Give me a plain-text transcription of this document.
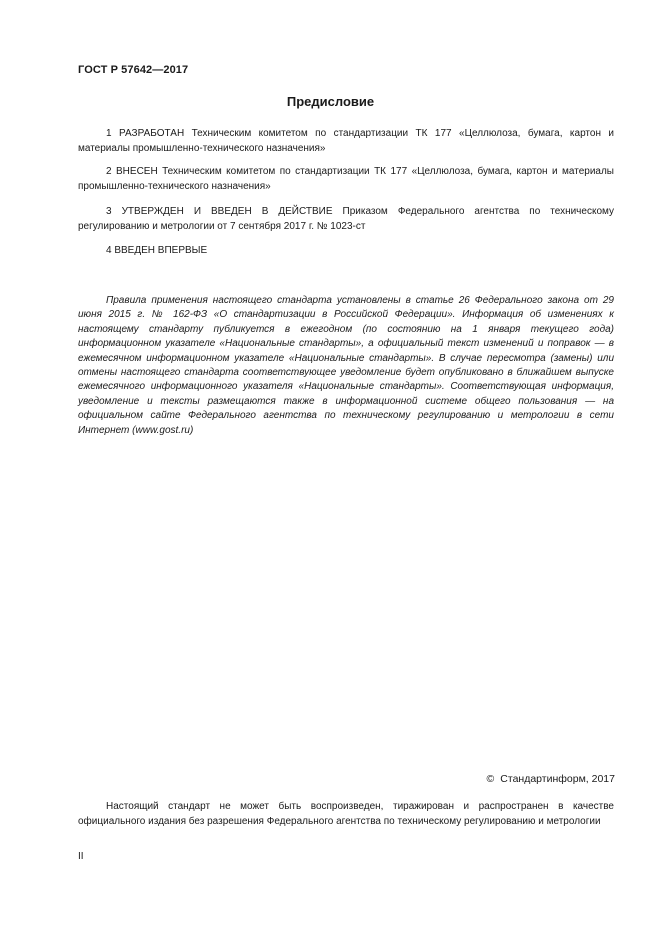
ГОСТ Р 57642—2017
Предисловие
1 РАЗРАБОТАН Техническим комитетом по стандартизации ТК 177 «Целлюлоза, бумага, картон и материалы промышленно-технического назначения»
2 ВНЕСЕН Техническим комитетом по стандартизации ТК 177 «Целлюлоза, бумага, картон и материалы промышленно-технического назначения»
3 УТВЕРЖДЕН И ВВЕДЕН В ДЕЙСТВИЕ Приказом Федерального агентства по техническому регулированию и метрологии от 7 сентября 2017 г. № 1023-ст
4 ВВЕДЕН ВПЕРВЫЕ
Правила применения настоящего стандарта установлены в статье 26 Федерального закона от 29 июня 2015 г. № 162-ФЗ «О стандартизации в Российской Федерации». Информация об изменениях к настоящему стандарту публикуется в ежегодном (по состоянию на 1 января текущего года) информационном указателе «Национальные стандарты», а официальный текст изменений и поправок — в ежемесячном информационном указателе «Национальные стандарты». В случае пересмотра (замены) или отмены настоящего стандарта соответствующее уведомление будет опубликовано в ближайшем выпуске ежемесячного информационного указателя «Национальные стандарты». Соответствующая информация, уведомление и тексты размещаются также в информационной системе общего пользования — на официальном сайте Федерального агентства по техническому регулированию и метрологии в сети Интернет (www.gost.ru)
© Стандартинформ, 2017
Настоящий стандарт не может быть воспроизведен, тиражирован и распространен в качестве официального издания без разрешения Федерального агентства по техническому регулированию и метрологии
II
